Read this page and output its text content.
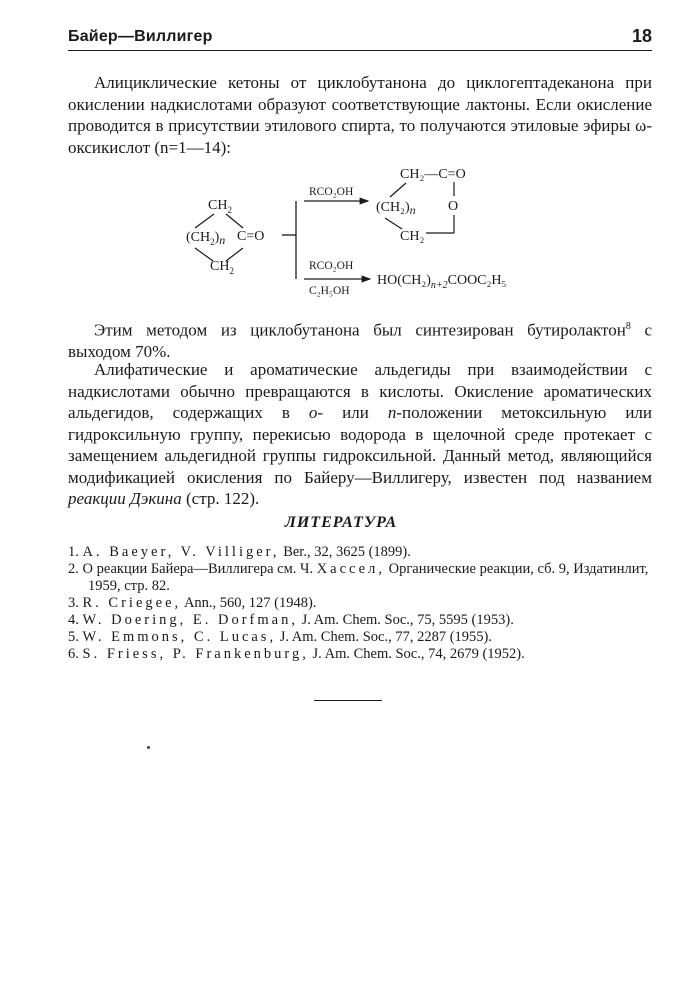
Байер—Виллигер	18

Алициклические кетоны от циклобутанона до циклогептадеканона при окислении надкислотами образуют соответствующие лактоны. Если окисление проводится в присутствии этилового спирта, то получаются этиловые эфиры ω-оксикислот (n=1—14):

$CH_2$
$(CH_2)n$ C=O
$CH_2$
RCO₂OH
CH₂—C=O
(CH₂)n O
CH₂
RCO₂OH
C₂H₅OH
$HO(CH_2)_{n+2}COOC_2H_5$

Этим методом из циклобутанона был синтезирован бутиролактон$^8$ с выходом 70%.

Алифатические и ароматические альдегиды при взаимодействии с надкислотами обычно превращаются в кислоты. Окисление ароматических альдегидов, содержащих в о- или n-положении метоксильную или гидроксильную группу, перекисью водорода в щелочной среде протекает с замещением альдегидной группы гидроксильной. Данный метод, являющийся модификацией окисления по Байеру—Виллигеру, известен под названием реакции Дэкина (стр. 122).

ЛИТЕРАТУРА
1. A. Baeyer, V. Villiger, Ber., 32, 3625 (1899).
2. О реакции Байера—Виллигера см. Ч. Хассел, Органические реакции, сб. 9, Издатинлит, 1959, стр. 82.
3. R. Criegee, Ann., 560, 127 (1948).
4. W. Doering, E. Dorfman, J. Am. Chem. Soc., 75, 5595 (1953).
5. W. Emmons, C. Lucas, J. Am. Chem. Soc., 77, 2287 (1955).
6. S. Friess, P. Frankenburg, J. Am. Chem. Soc., 74, 2679 (1952).
